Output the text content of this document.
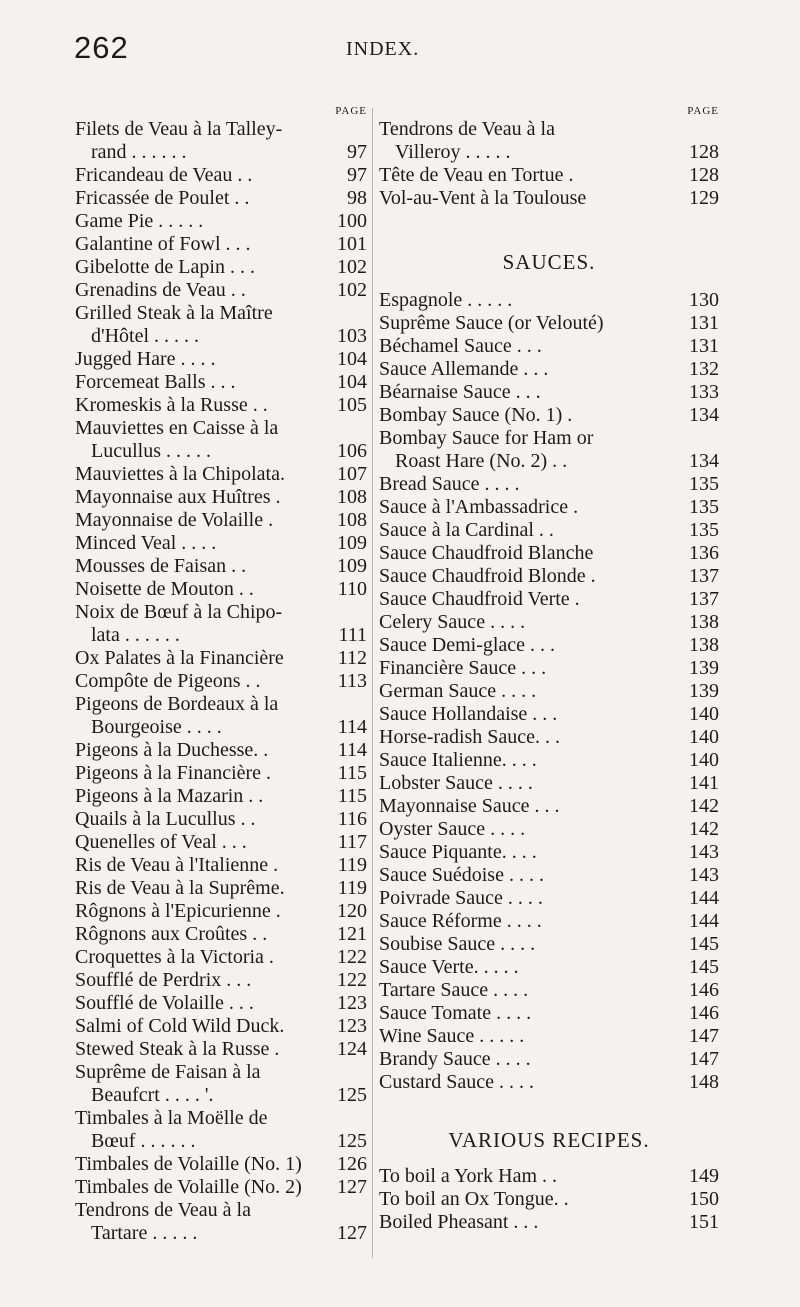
262	INDEX.
PAGE
Filets de Veau à la Talley-
rand . . . . . .	97
Fricandeau de Veau . .	97
Fricassée de Poulet . .	98
Game Pie . . . . .	100
Galantine of Fowl . . .	101
Gibelotte de Lapin . . .	102
Grenadins de Veau . .	102
Grilled Steak à la Maître
d'Hôtel . . . . .	103
Jugged Hare . . . .	104
Forcemeat Balls . . .	104
Kromeskis à la Russe . .	105
Mauviettes en Caisse à la
Lucullus . . . . .	106
Mauviettes à la Chipolata.	107
Mayonnaise aux Huîtres .	108
Mayonnaise de Volaille .	108
Minced Veal . . . .	109
Mousses de Faisan . .	109
Noisette de Mouton . .	110
Noix de Bœuf à la Chipo-
lata . . . . . .	111
Ox Palates à la Financière	112
Compôte de Pigeons . .	113
Pigeons de Bordeaux à la
Bourgeoise . . . .	114
Pigeons à la Duchesse. .	114
Pigeons à la Financière .	115
Pigeons à la Mazarin . .	115
Quails à la Lucullus . .	116
Quenelles of Veal . . .	117
Ris de Veau à l'Italienne .	119
Ris de Veau à la Suprême.	119
Rôgnons à l'Epicurienne .	120
Rôgnons aux Croûtes . .	121
Croquettes à la Victoria .	122
Soufflé de Perdrix . . .	122
Soufflé de Volaille . . .	123
Salmi of Cold Wild Duck.	123
Stewed Steak à la Russe .	124
Suprême de Faisan à la
Beaufcrt . . . . '.	125
Timbales à la Moëlle de
Bœuf . . . . . .	125
Timbales de Volaille (No. 1)	126
Timbales de Volaille (No. 2)	127
Tendrons de Veau à la
Tartare . . . . .	127
PAGE
Tendrons de Veau à la
Villeroy . . . . .	128
Tête de Veau en Tortue .	128
Vol-au-Vent à la Toulouse	129
SAUCES.
Espagnole . . . . .	130
Suprême Sauce (or Velouté)	131
Béchamel Sauce . . .	131
Sauce Allemande . . .	132
Béarnaise Sauce . . .	133
Bombay Sauce (No. 1) .	134
Bombay Sauce for Ham or
Roast Hare (No. 2) . .	134
Bread Sauce . . . .	135
Sauce à l'Ambassadrice .	135
Sauce à la Cardinal . .	135
Sauce Chaudfroid Blanche	136
Sauce Chaudfroid Blonde .	137
Sauce Chaudfroid Verte .	137
Celery Sauce . . . .	138
Sauce Demi-glace . . .	138
Financière Sauce . . .	139
German Sauce . . . .	139
Sauce Hollandaise . . .	140
Horse-radish Sauce. . .	140
Sauce Italienne. . . .	140
Lobster Sauce . . . .	141
Mayonnaise Sauce . . .	142
Oyster Sauce . . . .	142
Sauce Piquante. . . .	143
Sauce Suédoise . . . .	143
Poivrade Sauce . . . .	144
Sauce Réforme . . . .	144
Soubise Sauce . . . .	145
Sauce Verte. . . . .	145
Tartare Sauce . . . .	146
Sauce Tomate . . . .	146
Wine Sauce . . . . .	147
Brandy Sauce . . . .	147
Custard Sauce . . . .	148
VARIOUS RECIPES.
To boil a York Ham . .	149
To boil an Ox Tongue. .	150
Boiled Pheasant . . .	151
